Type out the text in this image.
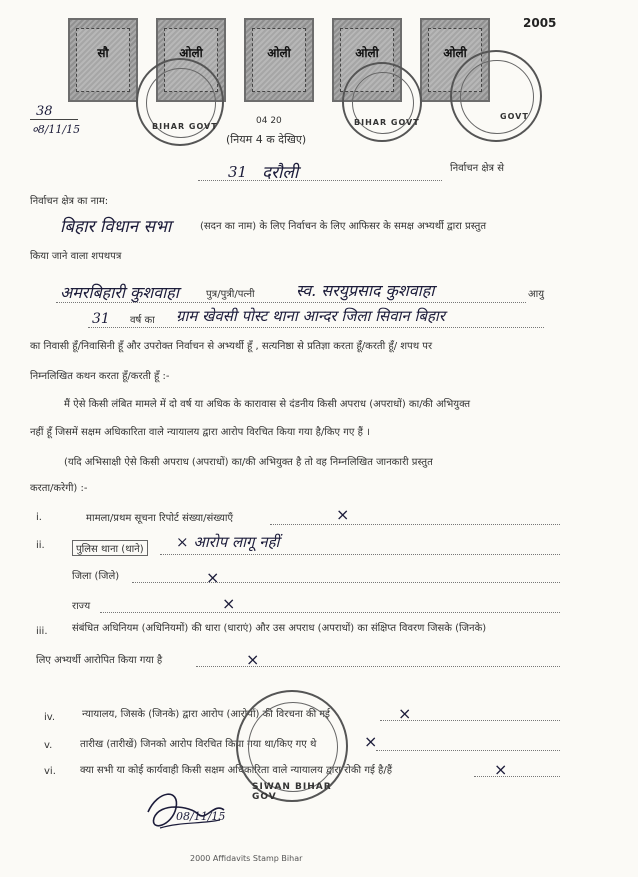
38
०8/11/15
सौ	ओली	ओली	ओली	ओली
2005
BIHAR GOVT	BIHAR GOVT
GOVT
04 20
(नियम 4 क देखिए)
31 दरौली	निर्वाचन क्षेत्र से
निर्वाचन क्षेत्र का नाम:
बिहार विधान सभा	(सदन का नाम) के लिए निर्वाचन के लिए आफिसर के समक्ष अभ्यर्थी द्वारा प्रस्तुत
किया जाने वाला शपथपत्र
अमरबिहारी कुशवाहा	पुत्र/पुत्री/पत्नी	स्व. सरयुप्रसाद कुशवाहा	आयु
31 वर्ष का ग्राम खेवसी पोस्ट थाना आन्दर जिला सिवान बिहार
का निवासी हूँ/निवासिनी हूँ और उपरोक्त निर्वाचन से अभ्यर्थी हूँ , सत्यनिष्ठा से प्रतिज्ञा करता हूँ/करती हूँ/ शपथ पर
निम्नलिखित कथन करता हूँ/करती हूँ :-
मैं ऐसे किसी लंबित मामले में दो वर्ष या अधिक के कारावास से दंडनीय किसी अपराध (अपराधों) का/की अभियुक्त
नहीं हूँ जिसमें सक्षम अधिकारिता वाले न्यायालय द्वारा आरोप विरचित किया गया है/किए गए हैं ।
(यदि अभिसाक्षी ऐसे किसी अपराध (अपराधों) का/की अभियुक्त है तो वह निम्नलिखित जानकारी प्रस्तुत
करता/करेगी) :-
i.	मामला/प्रथम सूचना रिपोर्ट संख्या/संख्याएँ	×
ii.	पुलिस थाना (थाने) × आरोप लागू नहीं
जिला (जिले)	×
राज्य	×
iii. संबंधित अधिनियम (अधिनियमों) की धारा (धाराएं) और उस अपराध (अपराधों) का संक्षिप्त विवरण जिसके (जिनके)
लिए अभ्यर्थी आरोपित किया गया है	×
iv.	न्यायालय, जिसके (जिनके) द्वारा आरोप (आरोपों) की विरचना की गई	×
v.	तारीख (तारीखें) जिनको आरोप विरचित किया गया था/किए गए थे	×
vi. क्या सभी या कोई कार्यवाही किसी सक्षम अधिकारिता वाले न्यायालय द्वारा रोकी गई है/हैं	×
SIWAN BIHAR GOV
08/11/15
2000 Affidavits Stamp Bihar
